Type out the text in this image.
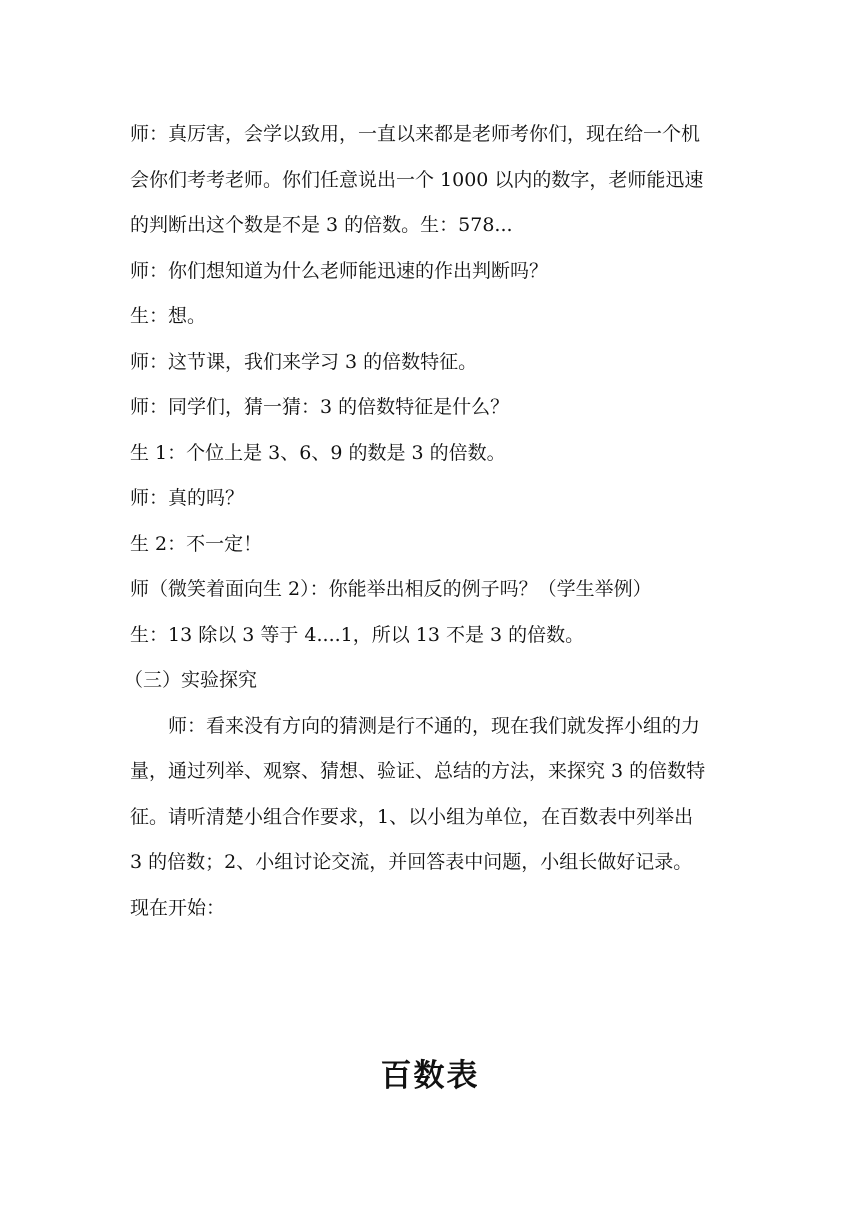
师：真厉害，会学以致用，一直以来都是老师考你们，现在给一个机

会你们考考老师。你们任意说出一个 1000 以内的数字，老师能迅速

的判断出这个数是不是 3 的倍数。生：578...

师：你们想知道为什么老师能迅速的作出判断吗？

生：想。

师：这节课，我们来学习 3 的倍数特征。

师：同学们，猜一猜：3 的倍数特征是什么？

生 1：个位上是 3、6、9 的数是 3 的倍数。

师：真的吗？

生 2：不一定！

师（微笑着面向生 2）：你能举出相反的例子吗？（学生举例）

生：13 除以 3 等于 4....1，所以 13 不是 3 的倍数。

（三）实验探究

师：看来没有方向的猜测是行不通的，现在我们就发挥小组的力

量，通过列举、观察、猜想、验证、总结的方法，来探究 3 的倍数特

征。请听清楚小组合作要求，1、以小组为单位，在百数表中列举出

3 的倍数；2、小组讨论交流，并回答表中问题，小组长做好记录。

现在开始：

百数表
